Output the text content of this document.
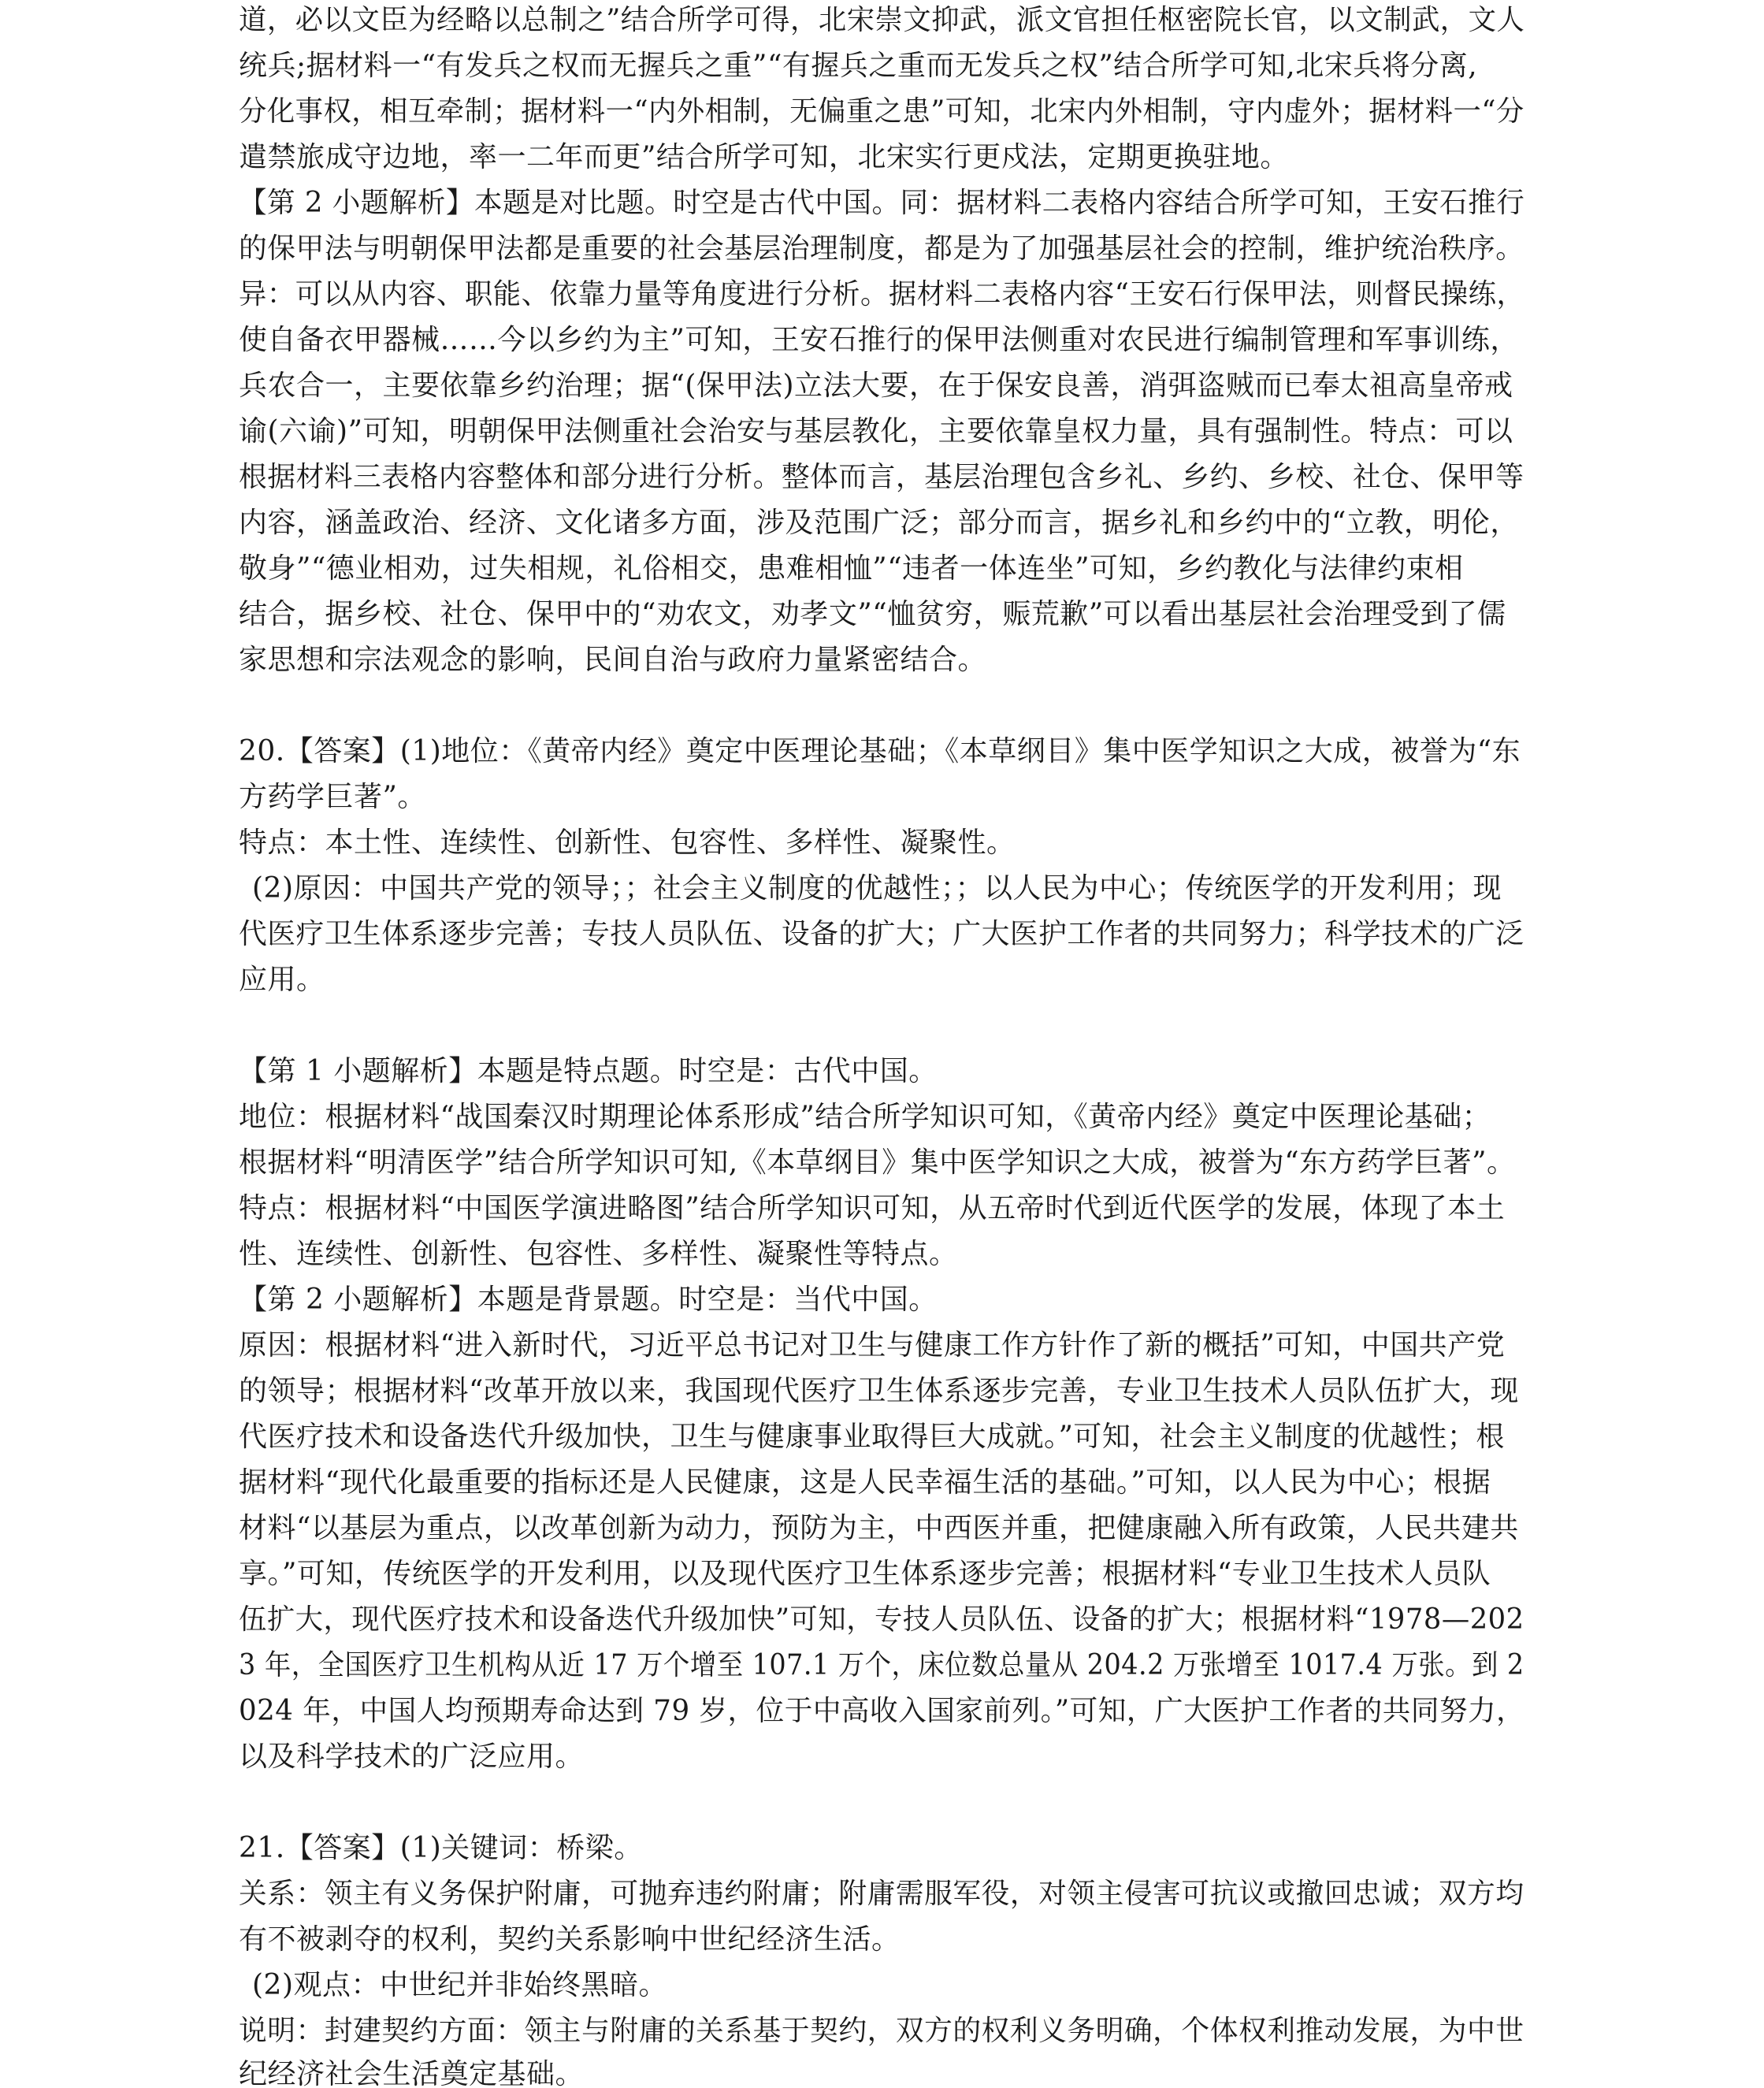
道，必以文臣为经略以总制之”结合所学可得，北宋崇文抑武，派文官担任枢密院长官，以文制武，文人

统兵;据材料一“有发兵之权而无握兵之重”“有握兵之重而无发兵之权”结合所学可知,北宋兵将分离,

分化事权，相互牵制；据材料一“内外相制，无偏重之患”可知，北宋内外相制，守内虚外；据材料一“分

遣禁旅成守边地，率一二年而更”结合所学可知，北宋实行更戍法，定期更换驻地。

【第 2 小题解析】本题是对比题。时空是古代中国。同：据材料二表格内容结合所学可知，王安石推行

的保甲法与明朝保甲法都是重要的社会基层治理制度，都是为了加强基层社会的控制，维护统治秩序。

异：可以从内容、职能、依靠力量等角度进行分析。据材料二表格内容“王安石行保甲法，则督民操练，

使自备衣甲器械……今以乡约为主”可知，王安石推行的保甲法侧重对农民进行编制管理和军事训练，

兵农合一，主要依靠乡约治理；据“(保甲法)立法大要，在于保安良善，消弭盗贼而已奉太祖高皇帝戒

谕(六谕)”可知，明朝保甲法侧重社会治安与基层教化，主要依靠皇权力量，具有强制性。特点：可以

根据材料三表格内容整体和部分进行分析。整体而言，基层治理包含乡礼、乡约、乡校、社仓、保甲等

内容，涵盖政治、经济、文化诸多方面，涉及范围广泛；部分而言，据乡礼和乡约中的“立教，明伦，

敬身”“德业相劝，过失相规，礼俗相交，患难相恤”“违者一体连坐”可知，乡约教化与法律约束相

结合，据乡校、社仓、保甲中的“劝农文，劝孝文”“恤贫穷，赈荒歉”可以看出基层社会治理受到了儒

家思想和宗法观念的影响，民间自治与政府力量紧密结合。

20.【答案】(1)地位：《黄帝内经》奠定中医理论基础；《本草纲目》集中医学知识之大成，被誉为“东

方药学巨著”。

特点：本土性、连续性、创新性、包容性、多样性、凝聚性。

(2)原因：中国共产党的领导；；社会主义制度的优越性；；以人民为中心；传统医学的开发利用；现

代医疗卫生体系逐步完善；专技人员队伍、设备的扩大；广大医护工作者的共同努力；科学技术的广泛

应用。

【第 1 小题解析】本题是特点题。时空是：古代中国。

地位：根据材料“战国秦汉时期理论体系形成”结合所学知识可知，《黄帝内经》奠定中医理论基础；

根据材料“明清医学”结合所学知识可知,《本草纲目》集中医学知识之大成，被誉为“东方药学巨著”。

特点：根据材料“中国医学演进略图”结合所学知识可知，从五帝时代到近代医学的发展，体现了本土

性、连续性、创新性、包容性、多样性、凝聚性等特点。

【第 2 小题解析】本题是背景题。时空是：当代中国。

原因：根据材料“进入新时代，习近平总书记对卫生与健康工作方针作了新的概括”可知，中国共产党

的领导；根据材料“改革开放以来，我国现代医疗卫生体系逐步完善，专业卫生技术人员队伍扩大，现

代医疗技术和设备迭代升级加快，卫生与健康事业取得巨大成就。”可知，社会主义制度的优越性；根

据材料“现代化最重要的指标还是人民健康，这是人民幸福生活的基础。”可知，以人民为中心；根据

材料“以基层为重点，以改革创新为动力，预防为主，中西医并重，把健康融入所有政策，人民共建共

享。”可知，传统医学的开发利用，以及现代医疗卫生体系逐步完善；根据材料“专业卫生技术人员队

伍扩大，现代医疗技术和设备迭代升级加快”可知，专技人员队伍、设备的扩大；根据材料“1978—202

3 年，全国医疗卫生机构从近 17 万个增至 107.1 万个，床位数总量从 204.2 万张增至 1017.4 万张。到 2

024 年，中国人均预期寿命达到 79 岁，位于中高收入国家前列。”可知，广大医护工作者的共同努力，

以及科学技术的广泛应用。

21.【答案】(1)关键词：桥梁。

关系：领主有义务保护附庸，可抛弃违约附庸；附庸需服军役，对领主侵害可抗议或撤回忠诚；双方均

有不被剥夺的权利，契约关系影响中世纪经济生活。

(2)观点：中世纪并非始终黑暗。

说明：封建契约方面：领主与附庸的关系基于契约，双方的权利义务明确，个体权利推动发展，为中世

纪经济社会生活奠定基础。
